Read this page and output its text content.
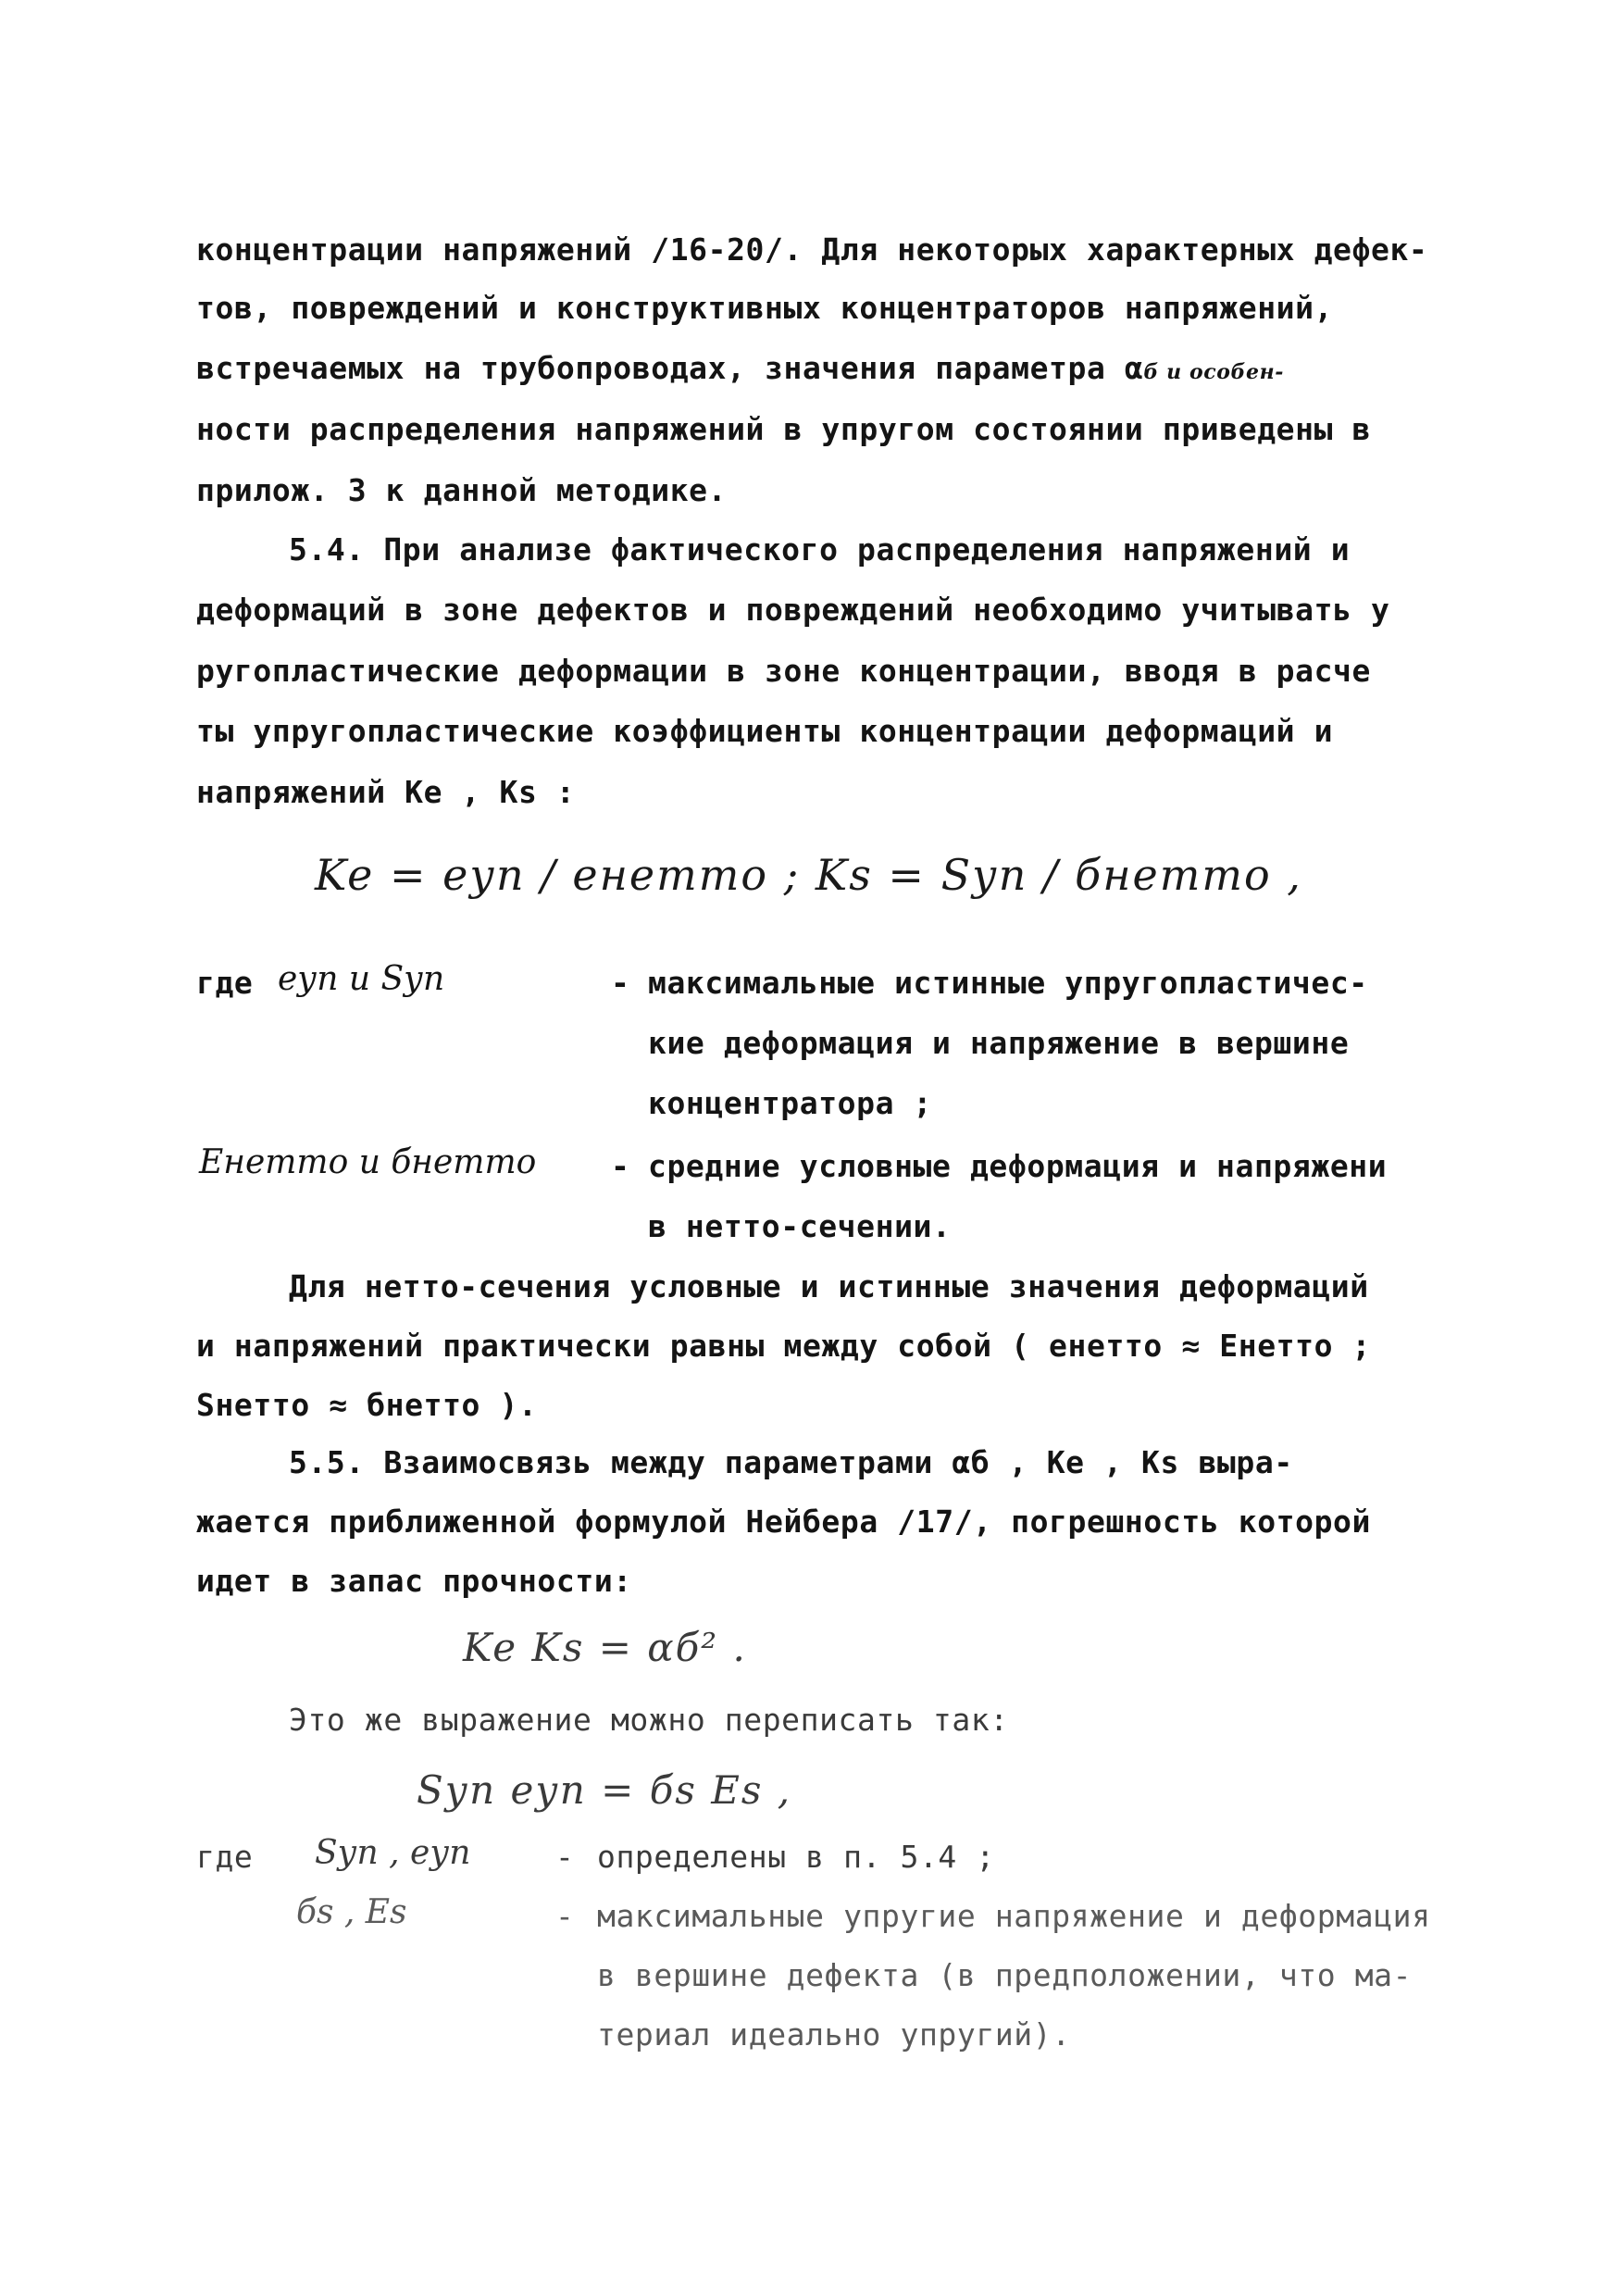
концентрации напряжений /16-20/. Для некоторых характерных дефек-
тов, повреждений и конструктивных концентраторов напряжений,
встречаемых на трубопроводах, значения параметра αб и особен-
ности распределения напряжений в упругом состоянии приведены в
прилож. 3 к данной методике.
5.4. При анализе фактического распределения напряжений и
деформаций в зоне дефектов и повреждений необходимо учитывать у
ругопластические деформации в зоне концентрации, вводя в расче
ты упругопластические коэффициенты концентрации деформаций и
напряжений Ke , Ks :
Ke = eуп / eнетто ; Ks = Sуп / бнетто ,
где eуп и Sуп	- максимальные истинные упругопластичес-
кие деформация и напряжение в вершине
концентратора ;
Eнетто и бнетто - средние условные деформация и напряжени
в нетто-сечении.
Для нетто-сечения условные и истинные значения деформаций
и напряжений практически равны между собой ( eнетто ≈ Eнетто ;
Sнетто ≈ бнетто ).
5.5. Взаимосвязь между параметрами αб , Ke , Ks выра-
жается приближенной формулой Нейбера /17/, погрешность которой
идет в запас прочности:
Ke Ks = αб² .
Это же выражение можно переписать так:
Sуп eуп = бs Es ,
где Sуп , eуп	- определены в п. 5.4 ;
бs , Es	- максимальные упругие напряжение и деформация
в вершине дефекта (в предположении, что ма-
териал идеально упругий).
